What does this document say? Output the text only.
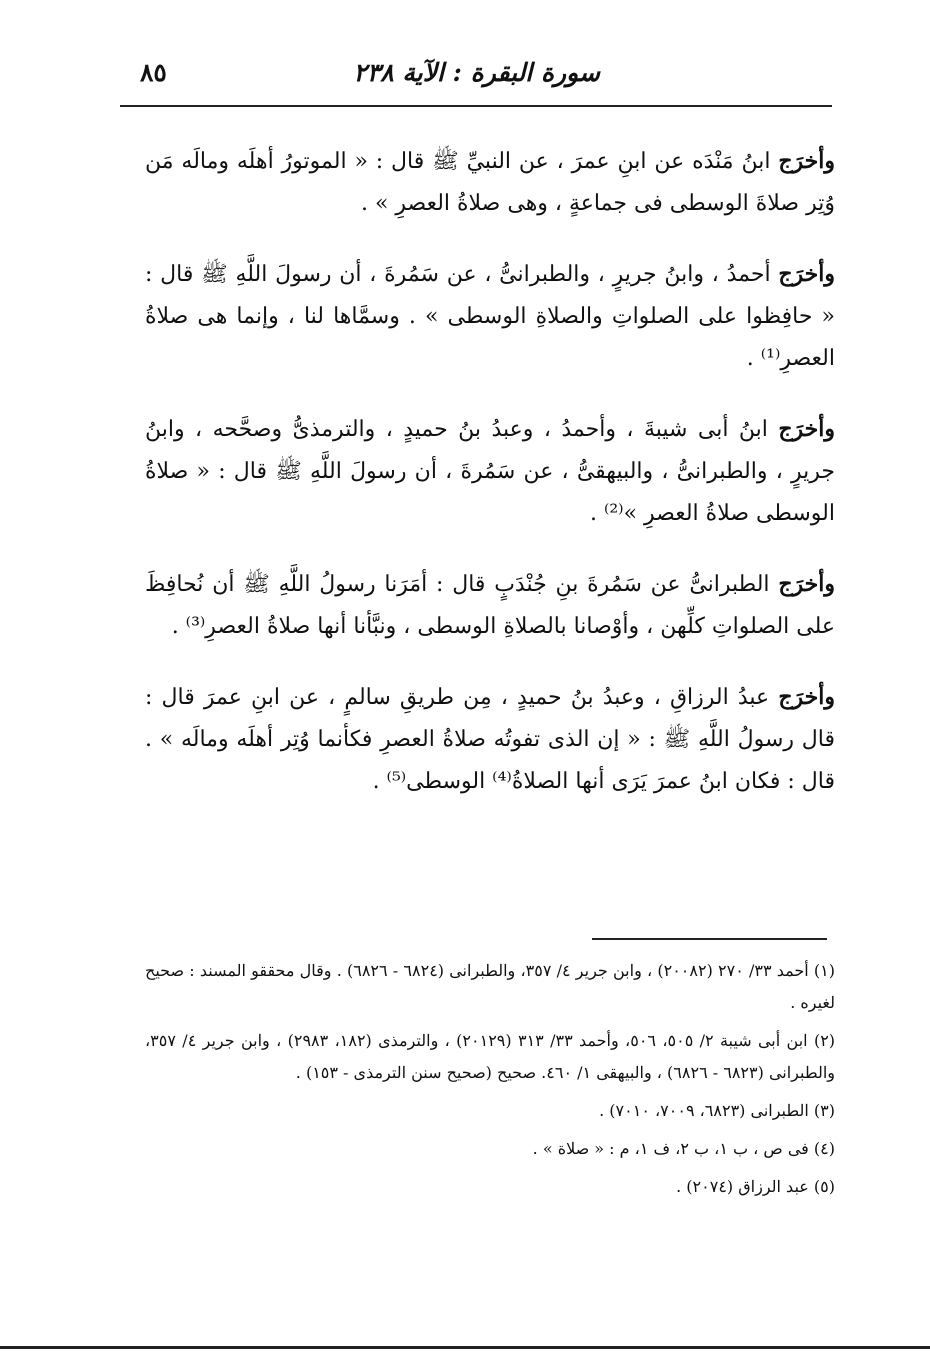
سورة البقرة : الآية ٢٣٨
٨٥

وأخرَج ابنُ مَنْدَه عن ابنِ عمرَ ، عن النبيِّ ﷺ قال : « الموتورُ أهلَه ومالَه مَن وُتِر صلاةَ الوسطى فى جماعةٍ ، وهى صلاةُ العصرِ » .

وأخرَج أحمدُ ، وابنُ جريرٍ ، والطبرانىُّ ، عن سَمُرةَ ، أن رسولَ اللَّهِ ﷺ قال : « حافِظوا على الصلواتِ والصلاةِ الوسطى » . وسمَّاها لنا ، وإنما هى صلاةُ العصرِ⁽¹⁾ .

وأخرَج ابنُ أبى شيبةَ ، وأحمدُ ، وعبدُ بنُ حميدٍ ، والترمذىُّ وصحَّحه ، وابنُ جريرٍ ، والطبرانىُّ ، والبيهقىُّ ، عن سَمُرةَ ، أن رسولَ اللَّهِ ﷺ قال : « صلاةُ الوسطى صلاةُ العصرِ »⁽²⁾ .

وأخرَج الطبرانىُّ عن سَمُرةَ بنِ جُنْدَبٍ قال : أمَرَنا رسولُ اللَّهِ ﷺ أن نُحافِظَ على الصلواتِ كلِّهن ، وأوْصانا بالصلاةِ الوسطى ، ونبَّأنا أنها صلاةُ العصرِ⁽³⁾ .

وأخرَج عبدُ الرزاقِ ، وعبدُ بنُ حميدٍ ، مِن طريقِ سالمٍ ، عن ابنِ عمرَ قال : قال رسولُ اللَّهِ ﷺ : « إن الذى تفوتُه صلاةُ العصرِ فكأنما وُتِر أهلَه ومالَه » . قال : فكان ابنُ عمرَ يَرَى أنها الصلاةُ⁽⁴⁾ الوسطى⁽⁵⁾ .

(١) أحمد ٣٣/ ٢٧٠ (٢٠٠٨٢) ، وابن جرير ٤/ ٣٥٧، والطبرانى (٦٨٢٤ - ٦٨٢٦) . وقال محققو المسند : صحيح لغيره .

(٢) ابن أبى شيبة ٢/ ٥٠٥، ٥٠٦، وأحمد ٣٣/ ٣١٣ (٢٠١٢٩) ، والترمذى (١٨٢، ٢٩٨٣) ، وابن جرير ٤/ ٣٥٧، والطبرانى (٦٨٢٣ - ٦٨٢٦) ، والبيهقى ١/ ٤٦٠. صحيح (صحيح سنن الترمذى - ١٥٣) .

(٣) الطبرانى (٦٨٢٣، ٧٠٠٩، ٧٠١٠) .

(٤) فى ص ، ب ١، ب ٢، ف ١، م : « صلاة » .

(٥) عبد الرزاق (٢٠٧٤) .
